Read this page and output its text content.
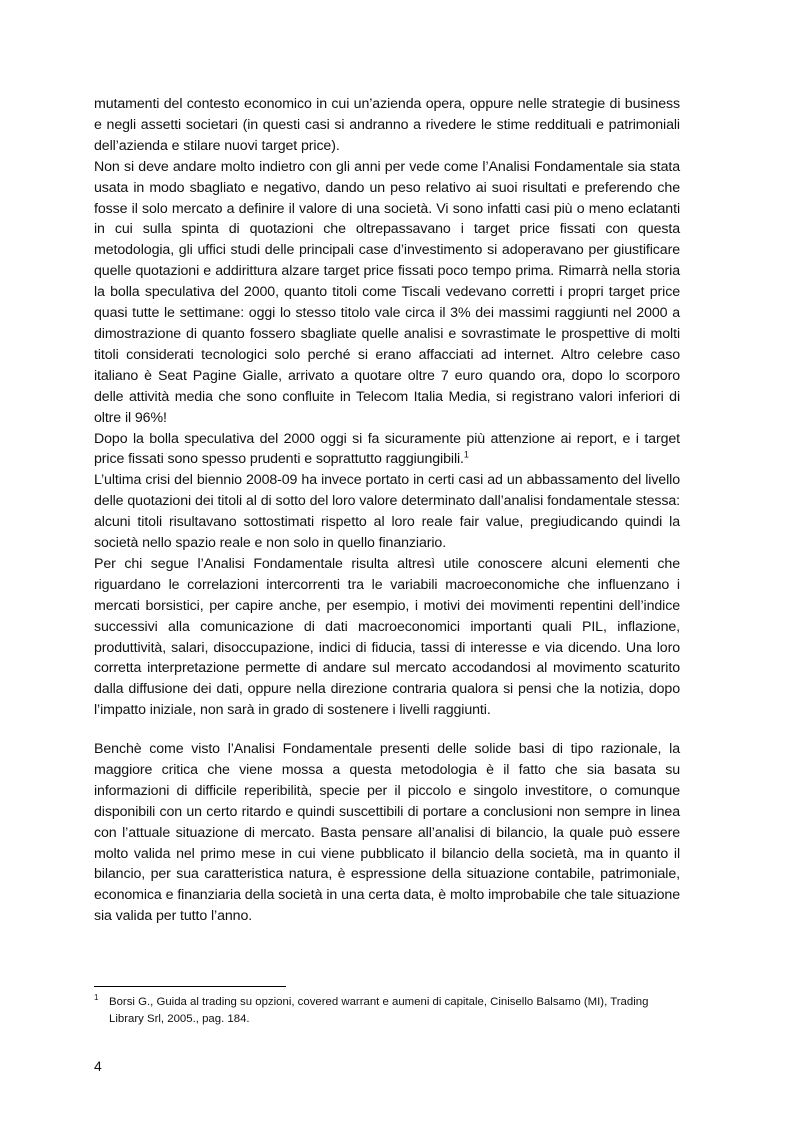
mutamenti del contesto economico in cui un’azienda opera, oppure nelle strategie di business e negli assetti societari (in questi casi si andranno a rivedere le stime reddituali e patrimoniali dell’azienda e stilare nuovi target price).

Non si deve andare molto indietro con gli anni per vede come l’Analisi Fondamentale sia stata usata in modo sbagliato e negativo, dando un peso relativo ai suoi risultati e preferendo che fosse il solo mercato a definire il valore di una società. Vi sono infatti casi più o meno eclatanti in cui sulla spinta di quotazioni che oltrepassavano i target price fissati con questa metodologia, gli uffici studi delle principali case d’investimento si adoperavano per giustificare quelle quotazioni e addirittura alzare target price fissati poco tempo prima. Rimarrà nella storia la bolla speculativa del 2000, quanto titoli come Tiscali vedevano corretti i propri target price quasi tutte le settimane: oggi lo stesso titolo vale circa il 3% dei massimi raggiunti nel 2000 a dimostrazione di quanto fossero sbagliate quelle analisi e sovrastimate le prospettive di molti titoli considerati tecnologici solo perché si erano affacciati ad internet. Altro celebre caso italiano è Seat Pagine Gialle, arrivato a quotare oltre 7 euro quando ora, dopo lo scorporo delle attività media che sono confluite in Telecom Italia Media, si registrano valori inferiori di oltre il 96%!

Dopo la bolla speculativa del 2000 oggi si fa sicuramente più attenzione ai report, e i target price fissati sono spesso prudenti e soprattutto raggiungibili.$^1$

L’ultima crisi del biennio 2008-09 ha invece portato in certi casi ad un abbassamento del livello delle quotazioni dei titoli al di sotto del loro valore determinato dall’analisi fondamentale stessa: alcuni titoli risultavano sottostimati rispetto al loro reale fair value, pregiudicando quindi la società nello spazio reale e non solo in quello finanziario.

Per chi segue l’Analisi Fondamentale risulta altresì utile conoscere alcuni elementi che riguardano le correlazioni intercorrenti tra le variabili macroeconomiche che influenzano i mercati borsistici, per capire anche, per esempio, i motivi dei movimenti repentini dell’indice successivi alla comunicazione di dati macroeconomici importanti quali PIL, inflazione, produttività, salari, disoccupazione, indici di fiducia, tassi di interesse e via dicendo. Una loro corretta interpretazione permette di andare sul mercato accodandosi al movimento scaturito dalla diffusione dei dati, oppure nella direzione contraria qualora si pensi che la notizia, dopo l’impatto iniziale, non sarà in grado di sostenere i livelli raggiunti.

Benchè come visto l’Analisi Fondamentale presenti delle solide basi di tipo razionale, la maggiore critica che viene mossa a questa metodologia è il fatto che sia basata su informazioni di difficile reperibilità, specie per il piccolo e singolo investitore, o comunque disponibili con un certo ritardo e quindi suscettibili di portare a conclusioni non sempre in linea con l’attuale situazione di mercato. Basta pensare all’analisi di bilancio, la quale può essere molto valida nel primo mese in cui viene pubblicato il bilancio della società, ma in quanto il bilancio, per sua caratteristica natura, è espressione della situazione contabile, patrimoniale, economica e finanziaria della società in una certa data, è molto improbabile che tale situazione sia valida per tutto l’anno.

1 Borsi G., Guida al trading su opzioni, covered warrant e aumeni di capitale, Cinisello Balsamo (MI), Trading Library Srl, 2005., pag. 184.
4
